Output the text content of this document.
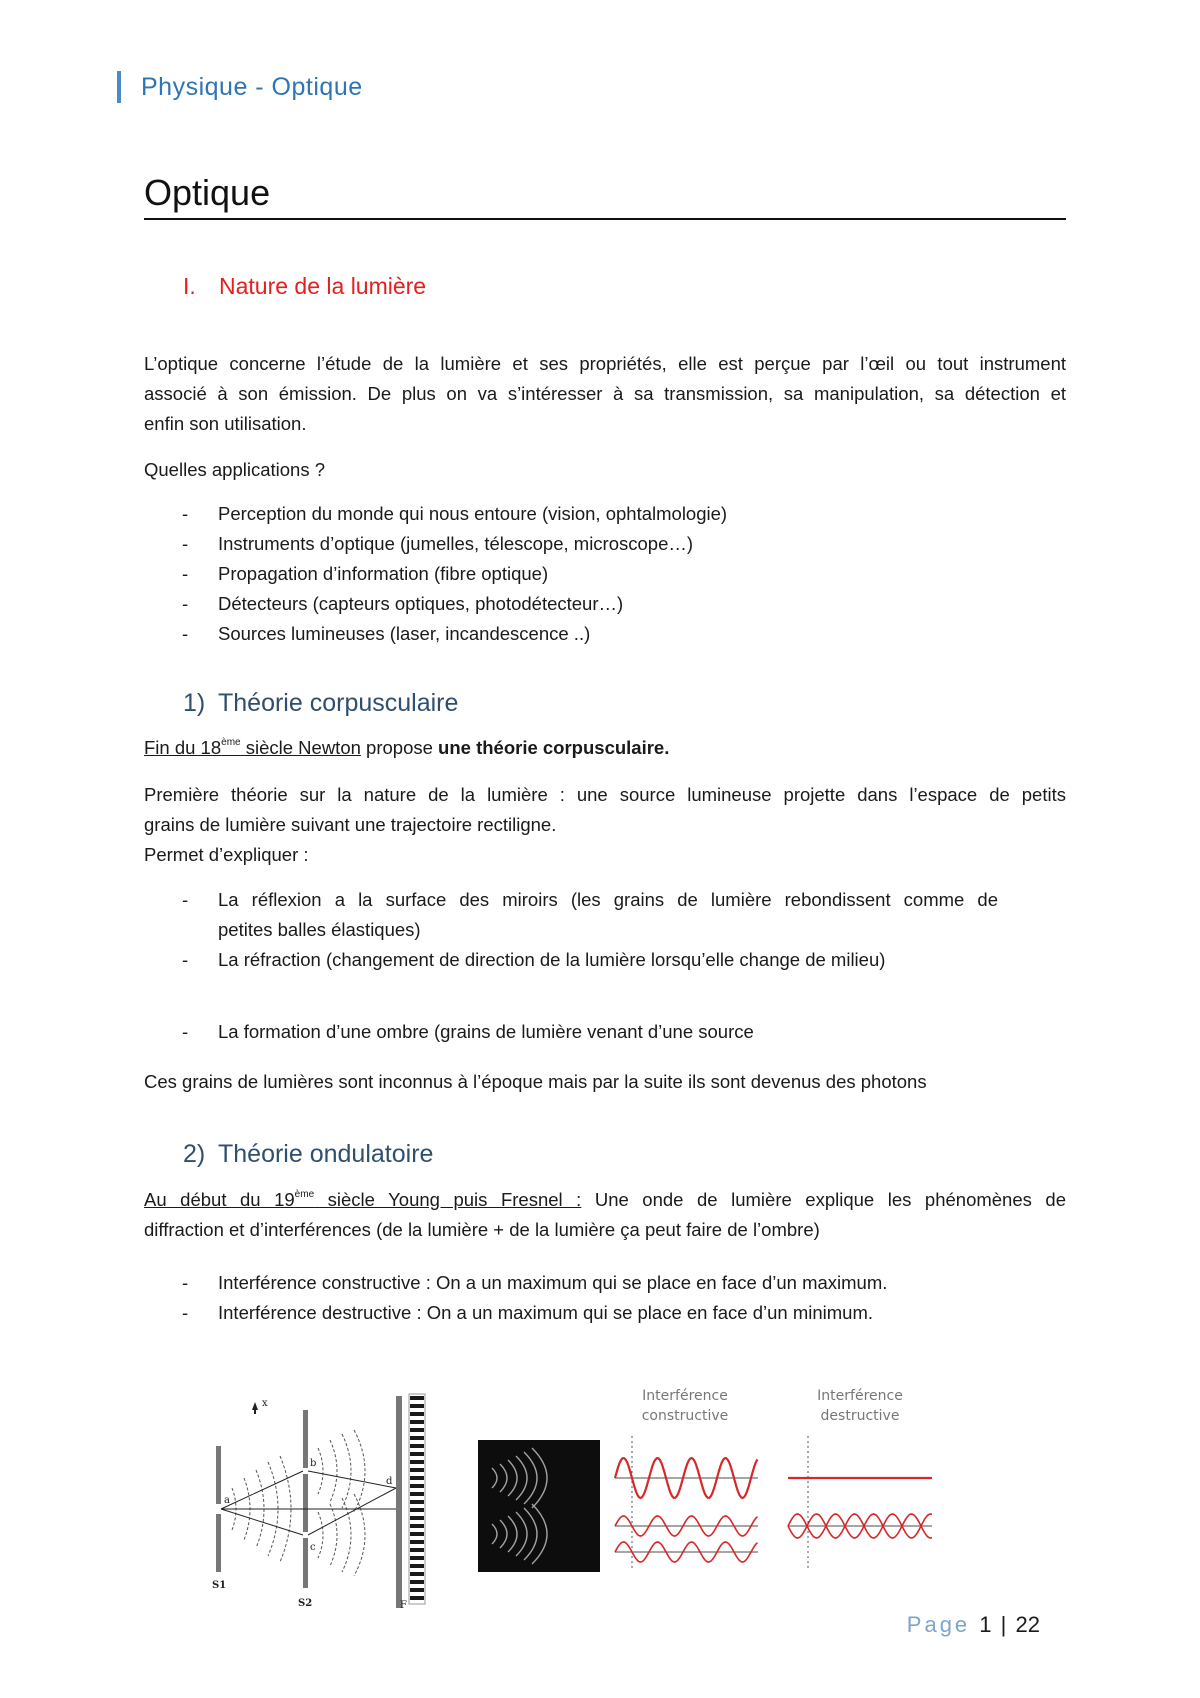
Physique - Optique
Optique
I. Nature de la lumière
L’optique concerne l’étude de la lumière et ses propriétés, elle est perçue par l’œil ou tout instrument
associé à son émission. De plus on va s’intéresser à sa transmission, sa manipulation, sa détection et
enfin son utilisation.
Quelles applications ?
- Perception du monde qui nous entoure (vision, ophtalmologie)
- Instruments d’optique (jumelles, télescope, microscope…)
- Propagation d’information (fibre optique)
- Détecteurs (capteurs optiques, photodétecteur…)
- Sources lumineuses (laser, incandescence ..)
1) Théorie corpusculaire
Fin du 18ème siècle Newton propose une théorie corpusculaire.
Première théorie sur la nature de la lumière : une source lumineuse projette dans l’espace de petits
grains de lumière suivant une trajectoire rectiligne.
Permet d’expliquer :
- La réflexion a la surface des miroirs (les grains de lumière rebondissent comme de
petites balles élastiques)
- La réfraction (changement de direction de la lumière lorsqu’elle change de milieu)
- La formation d’une ombre (grains de lumière venant d’une source
Ces grains de lumières sont inconnus à l’époque mais par la suite ils sont devenus des photons
2) Théorie ondulatoire
Au début du 19ème siècle Young puis Fresnel : Une onde de lumière explique les phénomènes de
diffraction et d’interférences (de la lumière + de la lumière ça peut faire de l’ombre)
- Interférence constructive : On a un maximum qui se place en face d’un maximum.
- Interférence destructive : On a un maximum qui se place en face d’un minimum.
x
a
b
c
d
S1
S2	F
Interférence
constructive
Interférence
destructive
Page 1 | 22
